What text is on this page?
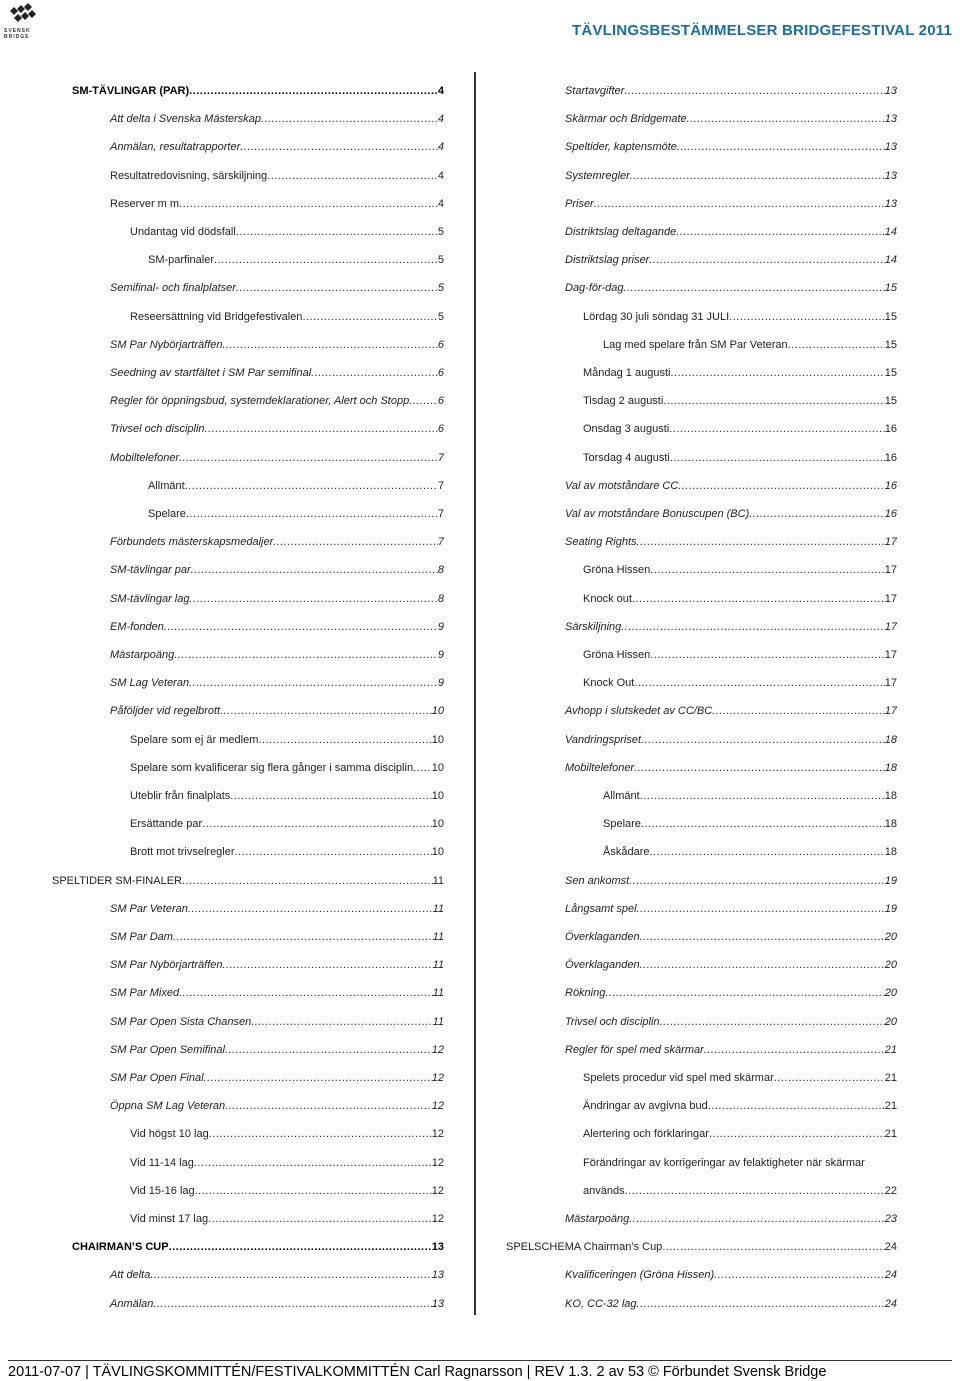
SVENSK
BRIDGE	TÄVLINGSBESTÄMMELSER BRIDGEFESTIVAL 2011
SM-TÄVLINGAR (PAR) .....	4
Att delta i Svenska Mästerskap .....	4
Anmälan, resultatrapporter .....	4
Resultatredovisning, särskiljning .....	4
Reserver m m .....	4
Undantag vid dödsfall .....	5
SM-parfinaler .....	5
Semifinal- och finalplatser .....	5
Reseersättning vid Bridgefestivalen .....	5
SM Par Nybörjarträffen .....	6
Seedning av startfältet i SM Par semifinal .....	6
Regler för öppningsbud, systemdeklarationer, Alert och Stopp .....	6
Trivsel och disciplin .....	6
Mobiltelefoner .....	7
Allmänt .....	7
Spelare .....	7
Förbundets mästerskapsmedaljer .....	7
SM-tävlingar par .....	8
SM-tävlingar lag .....	8
EM-fonden .....	9
Mästarpoäng .....	9
SM Lag Veteran .....	9
Påföljder vid regelbrott .....	10
Spelare som ej är medlem .....	10
Spelare som kvalificerar sig flera gånger i samma disciplin ..... 10
Uteblir från finalplats .....	10
Ersättande par .....	10
Brott mot trivselregler .....	10
SPELTIDER SM-FINALER .....	11
SM Par Veteran .....	11
SM Par Dam .....	11
SM Par Nybörjarträffen .....	11
SM Par Mixed .....	11
SM Par Open Sista Chansen .....	11
SM Par Open Semifinal .....	12
SM Par Open Final .....	12
Öppna SM Lag Veteran .....	12
Vid högst 10 lag .....	12
Vid 11-14 lag .....	12
Vid 15-16 lag .....	12
Vid minst 17 lag .....	12
CHAIRMAN’S CUP .....	13
Att delta .....	13
Anmälan .....	13
Startavgifter .....	13
Skärmar och Bridgemate .....	13
Speltider, kaptensmöte .....	13
Systemregler .....	13
Priser .....	13
Distriktslag deltagande .....	14
Distriktslag priser .....	14
Dag-för-dag .....	15
Lördag 30 juli söndag 31 JULI .....	15
Lag med spelare från SM Par Veteran .....	15
Måndag 1 augusti .....	15
Tisdag 2 augusti .....	15
Onsdag 3 augusti .....	16
Torsdag 4 augusti .....	16
Val av motståndare CC .....	16
Val av motståndare Bonuscupen (BC) .....	16
Seating Rights .....	17
Gröna Hissen .....	17
Knock out .....	17
Särskiljning .....	17
Gröna Hissen .....	17
Knock Out .....	17
Avhopp i slutskedet av CC/BC .....	17
Vandringspriset .....	18
Mobiltelefoner .....	18
Allmänt .....	18
Spelare .....	18
Åskådare .....	18
Sen ankomst .....	19
Långsamt spel .....	19
Överklaganden .....	20
Överklaganden .....	20
Rökning .....	20
Trivsel och disciplin .....	20
Regler för spel med skärmar .....	21
Spelets procedur vid spel med skärmar .....	21
Ändringar av avgivna bud .....	21
Alertering och förklaringar .....	21
Förändringar av korrigeringar av felaktigheter när skärmar
används .....	22
Mästarpoäng .....	23
SPELSCHEMA Chairman’s Cup .....	24
Kvalificeringen (Gröna Hissen) .....	24
KO, CC-32 lag .....	24
2011-07-07 | TÄVLINGSKOMMITTÉN/FESTIVALKOMMITTÉN Carl Ragnarsson | REV 1.3. 2 av 53 © Förbundet Svensk Bridge
